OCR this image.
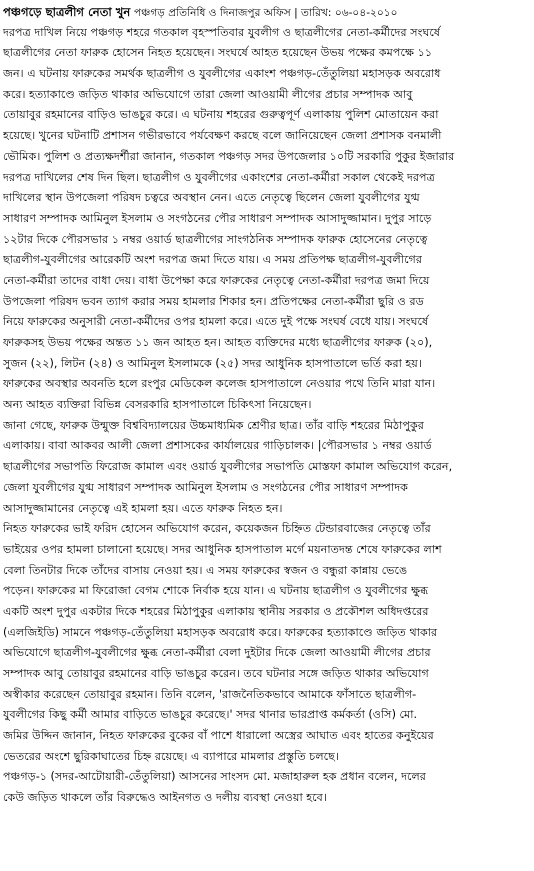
পঞ্চগড়ে ছাত্রলীগ নেতা খুন পঞ্চগড় প্রতিনিধি ও দিনাজপুর অফিস | তারিখ: ০৬-০৪-২০১০
দরপত্র দাখিল নিয়ে পঞ্চগড় শহরে গতকাল বৃহস্পতিবার যুবলীগ ও ছাত্রলীগের নেতা-কর্মীদের সংঘর্ষে
ছাত্রলীগের নেতা ফারুক হোসেন নিহত হয়েছেন। সংঘর্ষে আহত হয়েছেন উভয় পক্ষের কমপক্ষে ১১
জন। এ ঘটনায় ফারুকের সমর্থক ছাত্রলীগ ও যুবলীগের একাংশ পঞ্চগড়-তেঁতুলিয়া মহাসড়ক অবরোধ
করে। হত্যাকাণ্ডে জড়িত থাকার অভিযোগে তারা জেলা আওয়ামী লীগের প্রচার সম্পাদক আবু
তোয়াবুর রহমানের বাড়িও ভাঙচুর করে। এ ঘটনায় শহরের গুরুত্বপূর্ণ এলাকায় পুলিশ মোতায়েন করা
হয়েছে। খুনের ঘটনাটি প্রশাসন গভীরভাবে পর্যবেক্ষণ করছে বলে জানিয়েছেন জেলা প্রশাসক বনমালী
ভৌমিক। পুলিশ ও প্রত্যক্ষদর্শীরা জানান, গতকাল পঞ্চগড় সদর উপজেলার ১০টি সরকারি পুকুর ইজারার
দরপত্র দাখিলের শেষ দিন ছিল। ছাত্রলীগ ও যুবলীগের একাংশের নেতা-কর্মীরা সকাল থেকেই দরপত্র
দাখিলের স্থান উপজেলা পরিষদ চত্বরে অবস্থান নেন। এতে নেতৃত্বে ছিলেন জেলা যুবলীগের যুগ্ম
সাধারণ সম্পাদক আমিনুল ইসলাম ও সংগঠনের পৌর সাধারণ সম্পাদক আসাদুজ্জামান। দুপুর সাড়ে
১২টার দিকে পৌরসভার ১ নম্বর ওয়ার্ড ছাত্রলীগের সাংগঠনিক সম্পাদক ফারুক হোসেনের নেতৃত্বে
ছাত্রলীগ-যুবলীগের আরেকটি অংশ দরপত্র জমা দিতে যায়। এ সময় প্রতিপক্ষ ছাত্রলীগ-যুবলীগের
নেতা-কর্মীরা তাদের বাধা দেয়। বাধা উপেক্ষা করে ফারুকের নেতৃত্বে নেতা-কর্মীরা দরপত্র জমা দিয়ে
উপজেলা পরিষদ ভবন ত্যাগ করার সময় হামলার শিকার হন। প্রতিপক্ষের নেতা-কর্মীরা ছুরি ও রড
নিয়ে ফারুকের অনুসারী নেতা-কর্মীদের ওপর হামলা করে। এতে দুই পক্ষে সংঘর্ষ বেধে যায়। সংঘর্ষে
ফারুকসহ উভয় পক্ষের অন্তত ১১ জন আহত হন। আহত ব্যক্তিদের মধ্যে ছাত্রলীগের ফারুক (২০),
সুজন (২২), লিটন (২৪) ও আমিনুল ইসলামকে (২৫) সদর আধুনিক হাসপাতালে ভর্তি করা হয়।
ফারুকের অবস্থার অবনতি হলে রংপুর মেডিকেল কলেজ হাসপাতালে নেওয়ার পথে তিনি মারা যান।
অন্য আহত ব্যক্তিরা বিভিন্ন বেসরকারি হাসপাতালে চিকিৎসা নিয়েছেন।
জানা গেছে, ফারুক উন্মুক্ত বিশ্ববিদ্যালয়ের উচ্চমাধ্যমিক শ্রেণীর ছাত্র। তাঁর বাড়ি শহরের মিঠাপুকুর
এলাকায়। বাবা আকবর আলী জেলা প্রশাসকের কার্যালয়ের গাড়িচালক। |পৌরসভার ১ নম্বর ওয়ার্ড
ছাত্রলীগের সভাপতি ফিরোজ কামাল এবং ওয়ার্ড যুবলীগের সভাপতি মোস্তফা কামাল অভিযোগ করেন,
জেলা যুবলীগের যুগ্ম সাধারণ সম্পাদক আমিনুল ইসলাম ও সংগঠনের পৌর সাধারণ সম্পাদক
আসাদুজ্জামানের নেতৃত্বে এই হামলা হয়। এতে ফারুক নিহত হন।
নিহত ফারুকের ভাই ফরিদ হোসেন অভিযোগ করেন, কয়েকজন চিহ্নিত টেন্ডারবাজের নেতৃত্বে তাঁর
ভাইয়ের ওপর হামলা চালানো হয়েছে। সদর আধুনিক হাসপাতাল মর্গে ময়নাতদন্ত শেষে ফারুকের লাশ
বেলা তিনটার দিকে তাঁদের বাসায় নেওয়া হয়। এ সময় ফারুকের স্বজন ও বন্ধুরা কান্নায় ভেঙে
পড়েন। ফারুকের মা ফিরোজা বেগম শোকে নির্বাক হয়ে যান। এ ঘটনায় ছাত্রলীগ ও যুবলীগের ক্ষুব্ধ
একটি অংশ দুপুর একটার দিকে শহরের মিঠাপুকুর এলাকায় স্থানীয় সরকার ও প্রকৌশল অধিদপ্তরের
(এলজিইডি) সামনে পঞ্চগড়-তেঁতুলিয়া মহাসড়ক অবরোধ করে। ফারুকের হত্যাকাণ্ডে জড়িত থাকার
অভিযোগে ছাত্রলীগ-যুবলীগের ক্ষুব্ধ নেতা-কর্মীরা বেলা দুইটার দিকে জেলা আওয়ামী লীগের প্রচার
সম্পাদক আবু তোয়াবুর রহমানের বাড়ি ভাঙচুর করেন। তবে ঘটনার সঙ্গে জড়িত থাকার অভিযোগ
অস্বীকার করেছেন তোয়াবুর রহমান। তিনি বলেন, 'রাজনৈতিকভাবে আমাকে ফাঁসাতে ছাত্রলীগ-
যুবলীগের কিছু কর্মী আমার বাড়িতে ভাঙচুর করেছে।' সদর থানার ভারপ্রাপ্ত কর্মকর্তা (ওসি) মো.
জমির উদ্দিন জানান, নিহত ফারুকের বুকের বাঁ পাশে ধারালো অস্ত্রের আঘাত এবং হাতের কনুইয়ের
ভেতরের অংশে ছুরিকাঘাতের চিহ্ন রয়েছে। এ ব্যাপারে মামলার প্রস্তুতি চলছে।
পঞ্চগড়-১ (সদর-আটোয়ারী-তেঁতুলিয়া) আসনের সাংসদ মো. মজাহারুল হক প্রধান বলেন, দলের
কেউ জড়িত থাকলে তাঁর বিরুদ্ধেও আইনগত ও দলীয় ব্যবস্থা নেওয়া হবে।
